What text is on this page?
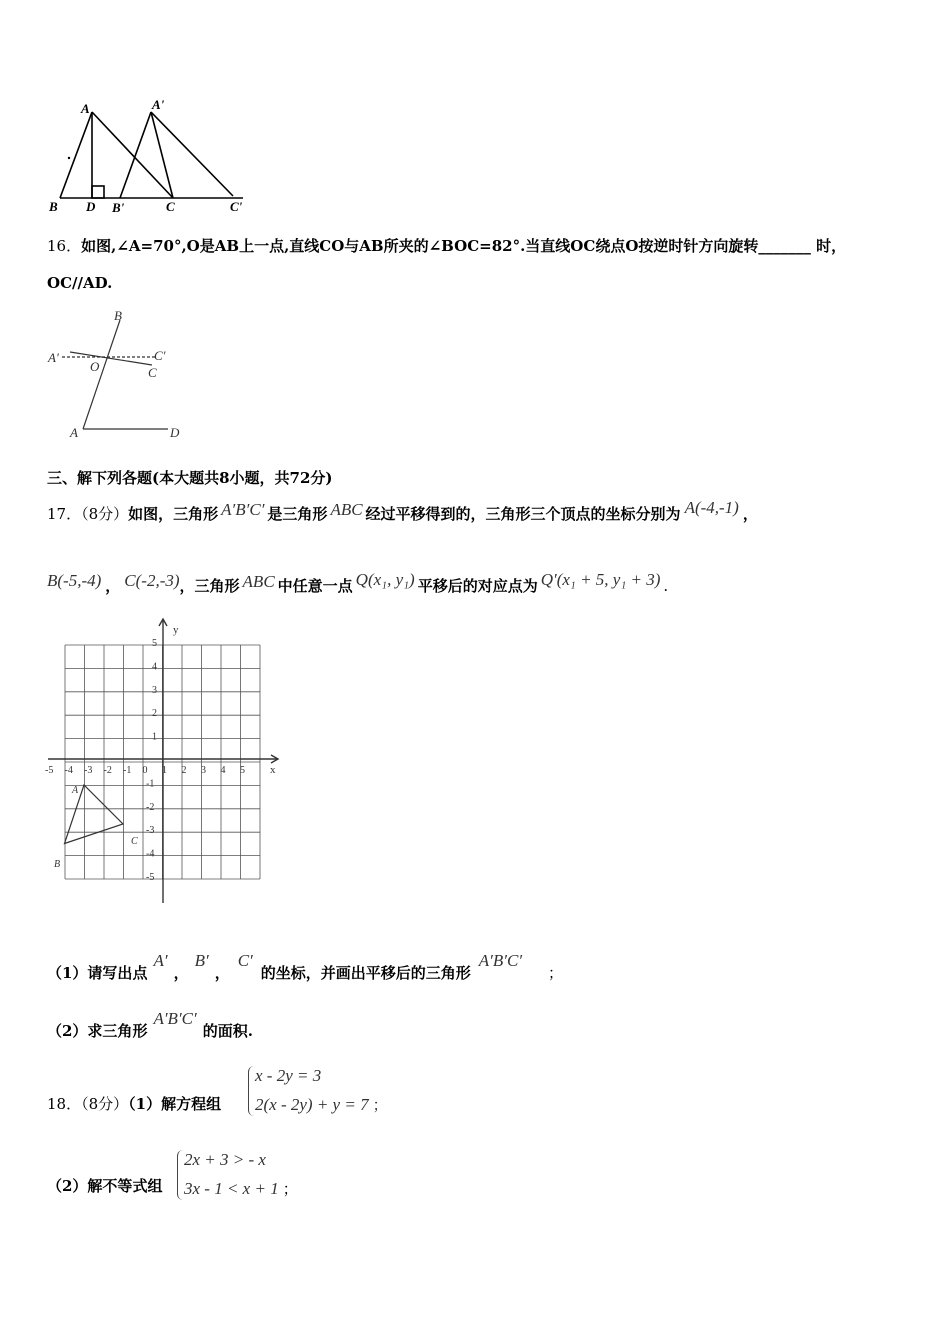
A	A'
B D B'	C	C'
16．如图,∠A=70°,O是AB上一点,直线CO与AB所夹的∠BOC=82°.当直线OC绕点O按逆时针方向旋转_______ 时，
OC//AD.
B
A'
O
C'
C
A	D
三、解下列各题(本大题共8小题，共72分)
17．（8分）如图，三角形 A′B′C′ 是三角形 ABC 经过平移得到的，三角形三个顶点的坐标分别为 A(-4,-1) ，
B(-5,-4) ， C(-2,-3)，三角形 ABC 中任意一点 Q(x₁, y₁) 平移后的对应点为 Q′(x₁ + 5, y₁ + 3) .
x
y
-5 -4 -3 -2 -1 0 1 2 3 4 5
5
4
3
2
1
-1
-2
-3
-4
-5
A
B
C
（1）请写出点A′，B′，C′的坐标，并画出平移后的三角形A′B′C′；
（2）求三角形A′B′C′的面积.
18．（8分）（1）解方程组
x - 2y = 3
2(x - 2y) + y = 7 ；
（2）解不等式组
2x + 3 > - x
3x - 1 < x + 1 ；
